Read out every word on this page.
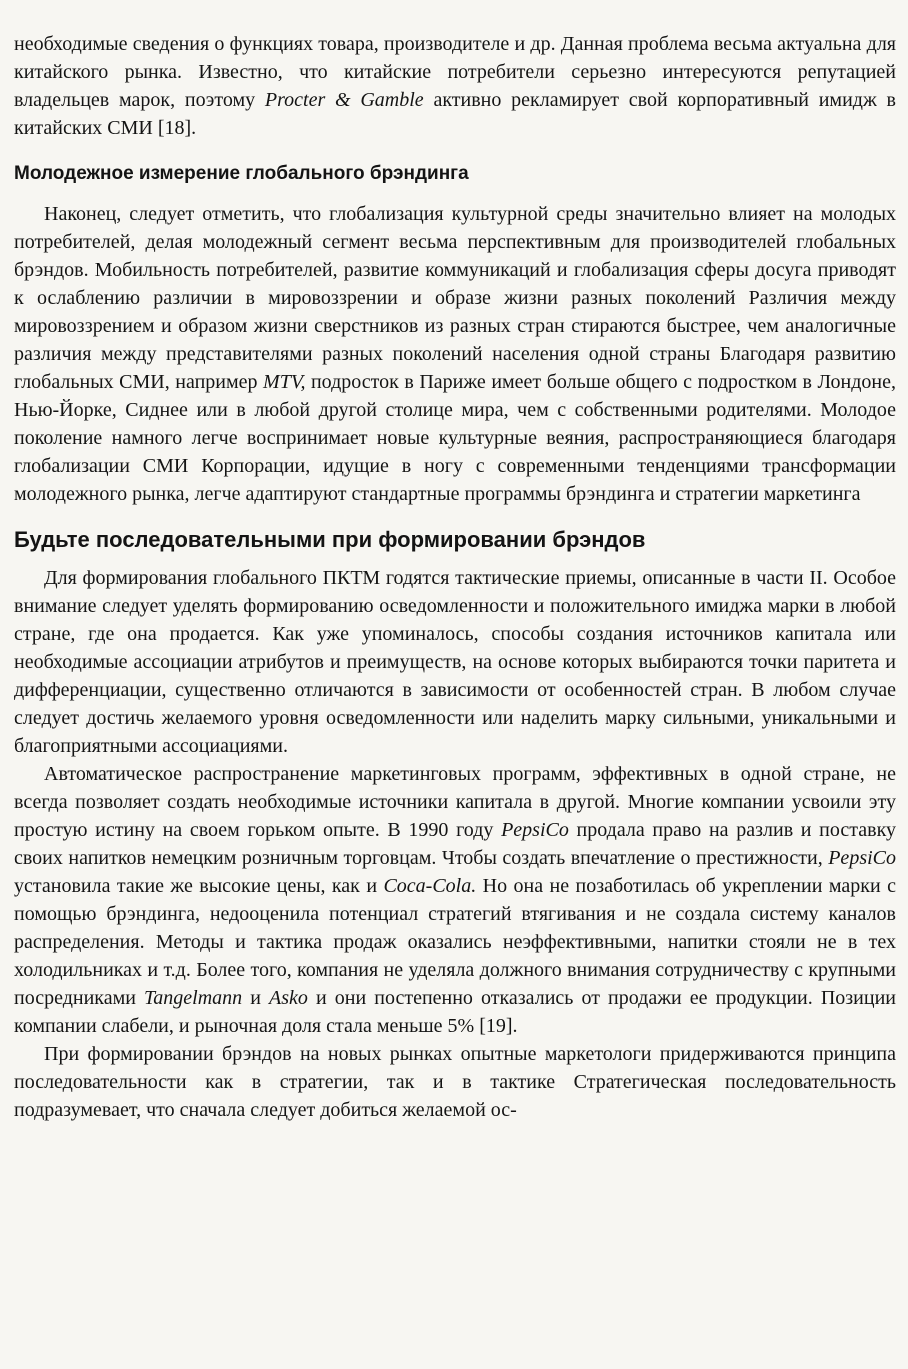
необходимые сведения о функциях товара, производителе и др. Данная проблема весьма актуальна для китайского рынка. Известно, что китайские потребители серьезно интересуются репутацией владельцев марок, поэтому Procter & Gamble активно рекламирует свой корпоративный имидж в китайских СМИ [18].

Молодежное измерение глобального брэндинга

Наконец, следует отметить, что глобализация культурной среды значительно влияет на молодых потребителей, делая молодежный сегмент весьма перспективным для производителей глобальных брэндов. Мобильность потребителей, развитие коммуникаций и глобализация сферы досуга приводят к ослаблению различии в мировоззрении и образе жизни разных поколений Различия между мировоззрением и образом жизни сверстников из разных стран стираются быстрее, чем аналогичные различия между представителями разных поколений населения одной страны Благодаря развитию глобальных СМИ, например MTV, подросток в Париже имеет больше общего с подростком в Лондоне, Нью-Йорке, Сиднее или в любой другой столице мира, чем с собственными родителями. Молодое поколение намного легче воспринимает новые культурные веяния, распространяющиеся благодаря глобализации СМИ Корпорации, идущие в ногу с современными тенденциями трансформации молодежного рынка, легче адаптируют стандартные программы брэндинга и стратегии маркетинга

Будьте последовательными при формировании брэндов

Для формирования глобального ПКТМ годятся тактические приемы, описанные в части II. Особое внимание следует уделять формированию осведомленности и положительного имиджа марки в любой стране, где она продается. Как уже упоминалось, способы создания источников капитала или необходимые ассоциации атрибутов и преимуществ, на основе которых выбираются точки паритета и дифференциации, существенно отличаются в зависимости от особенностей стран. В любом случае следует достичь желаемого уровня осведомленности или наделить марку сильными, уникальными и благоприятными ассоциациями.

Автоматическое распространение маркетинговых программ, эффективных в одной стране, не всегда позволяет создать необходимые источники капитала в другой. Многие компании усвоили эту простую истину на своем горьком опыте. В 1990 году PepsiCo продала право на разлив и поставку своих напитков немецким розничным торговцам. Чтобы создать впечатление о престижности, PepsiCo установила такие же высокие цены, как и Coca-Cola. Но она не позаботилась об укреплении марки с помощью брэндинга, недооценила потенциал стратегий втягивания и не создала систему каналов распределения. Методы и тактика продаж оказались неэффективными, напитки стояли не в тех холодильниках и т.д. Более того, компания не уделяла должного внимания сотрудничеству с крупными посредниками Tangelmann и Asko и они постепенно отказались от продажи ее продукции. Позиции компании слабели, и рыночная доля стала меньше 5% [19].

При формировании брэндов на новых рынках опытные маркетологи придерживаются принципа последовательности как в стратегии, так и в тактике Стратегическая последовательность подразумевает, что сначала следует добиться желаемой ос-
